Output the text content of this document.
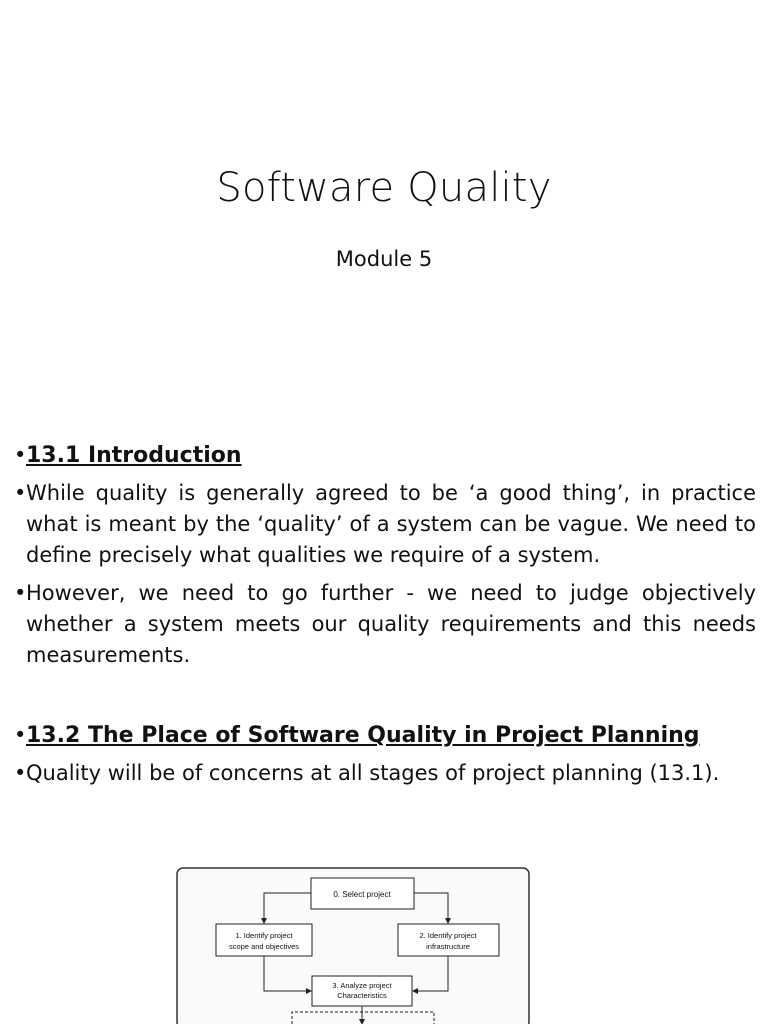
Software Quality
Module 5
• 13.1 Introduction
• While quality is generally agreed to be ‘a good thing’, in practice what is meant by the ‘quality’ of a system can be vague. We need to define precisely what qualities we require of a system.
• However, we need to go further - we need to judge objectively whether a system meets our quality requirements and this needs measurements.
• 13.2 The Place of Software Quality in Project Planning
• Quality will be of concerns at all stages of project planning (13.1).
0. Select project
1. Identify project
scope and objectives
2. Identify project
infrastructure
3. Analyze project
Characteristics
